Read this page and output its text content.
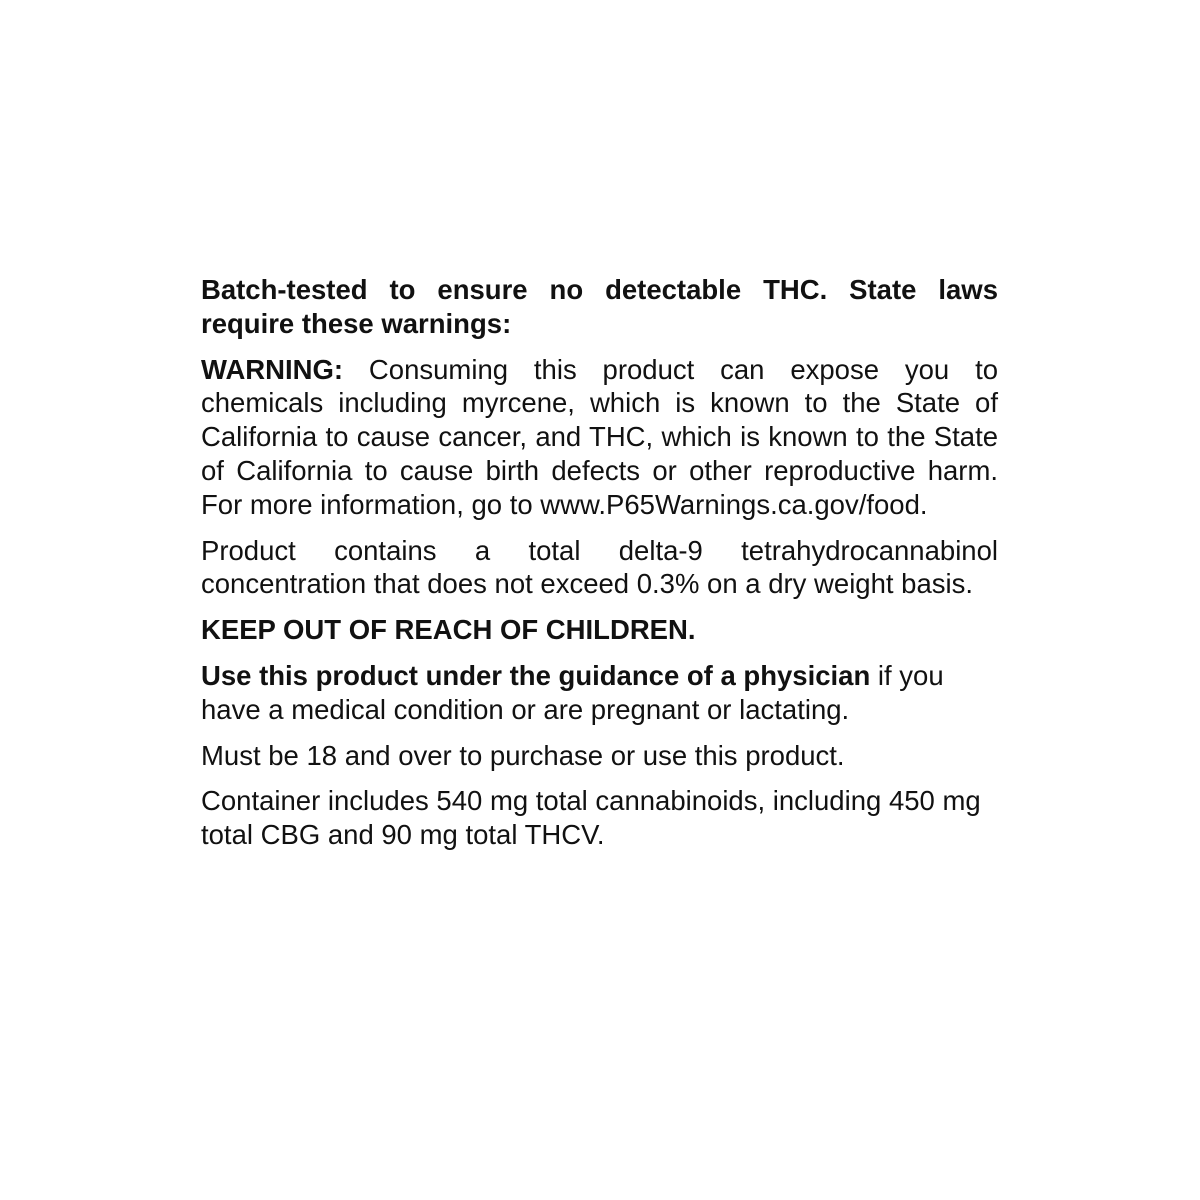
Batch-tested to ensure no detectable THC. State laws require these warnings:

WARNING: Consuming this product can expose you to chemicals including myrcene, which is known to the State of California to cause cancer, and THC, which is known to the State of California to cause birth defects or other reproductive harm. For more information, go to www.P65Warnings.ca.gov/food.

Product contains a total delta-9 tetrahydrocannabinol concentration that does not exceed 0.3% on a dry weight basis.

KEEP OUT OF REACH OF CHILDREN.

Use this product under the guidance of a physician if you have a medical condition or are pregnant or lactating.

Must be 18 and over to purchase or use this product.

Container includes 540 mg total cannabinoids, including 450 mg total CBG and 90 mg total THCV.
